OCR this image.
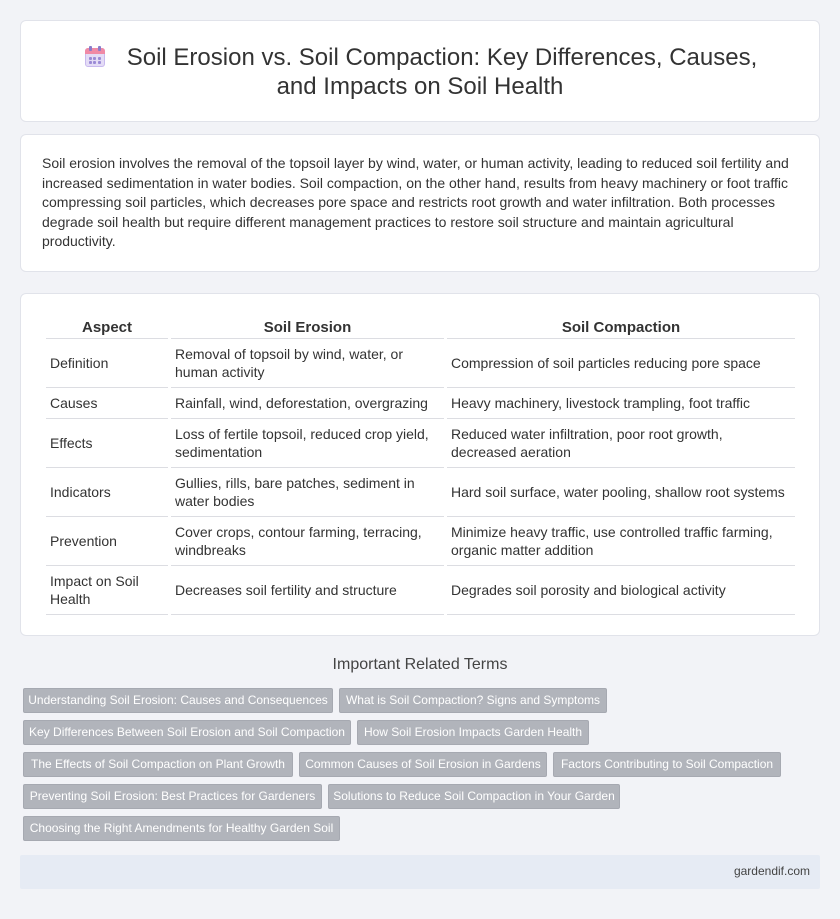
Soil Erosion vs. Soil Compaction: Key Differences, Causes, and Impacts on Soil Health

Soil erosion involves the removal of the topsoil layer by wind, water, or human activity, leading to reduced soil fertility and increased sedimentation in water bodies. Soil compaction, on the other hand, results from heavy machinery or foot traffic compressing soil particles, which decreases pore space and restricts root growth and water infiltration. Both processes degrade soil health but require different management practices to restore soil structure and maintain agricultural productivity.

Aspect	Soil Erosion	Soil Compaction
Definition	Removal of topsoil by wind, water, or human activity	Compression of soil particles reducing pore space
Causes	Rainfall, wind, deforestation, overgrazing	Heavy machinery, livestock trampling, foot traffic
Effects	Loss of fertile topsoil, reduced crop yield, sedimentation	Reduced water infiltration, poor root growth, decreased aeration
Indicators	Gullies, rills, bare patches, sediment in water bodies	Hard soil surface, water pooling, shallow root systems
Prevention	Cover crops, contour farming, terracing, windbreaks	Minimize heavy traffic, use controlled traffic farming, organic matter addition
Impact on Soil Health	Decreases soil fertility and structure	Degrades soil porosity and biological activity
Important Related Terms
Understanding Soil Erosion: Causes and Consequences	What is Soil Compaction? Signs and Symptoms
Key Differences Between Soil Erosion and Soil Compaction	How Soil Erosion Impacts Garden Health
The Effects of Soil Compaction on Plant Growth	Common Causes of Soil Erosion in Gardens	Factors Contributing to Soil Compaction
Preventing Soil Erosion: Best Practices for Gardeners	Solutions to Reduce Soil Compaction in Your Garden
Choosing the Right Amendments for Healthy Garden Soil
gardendif.com
